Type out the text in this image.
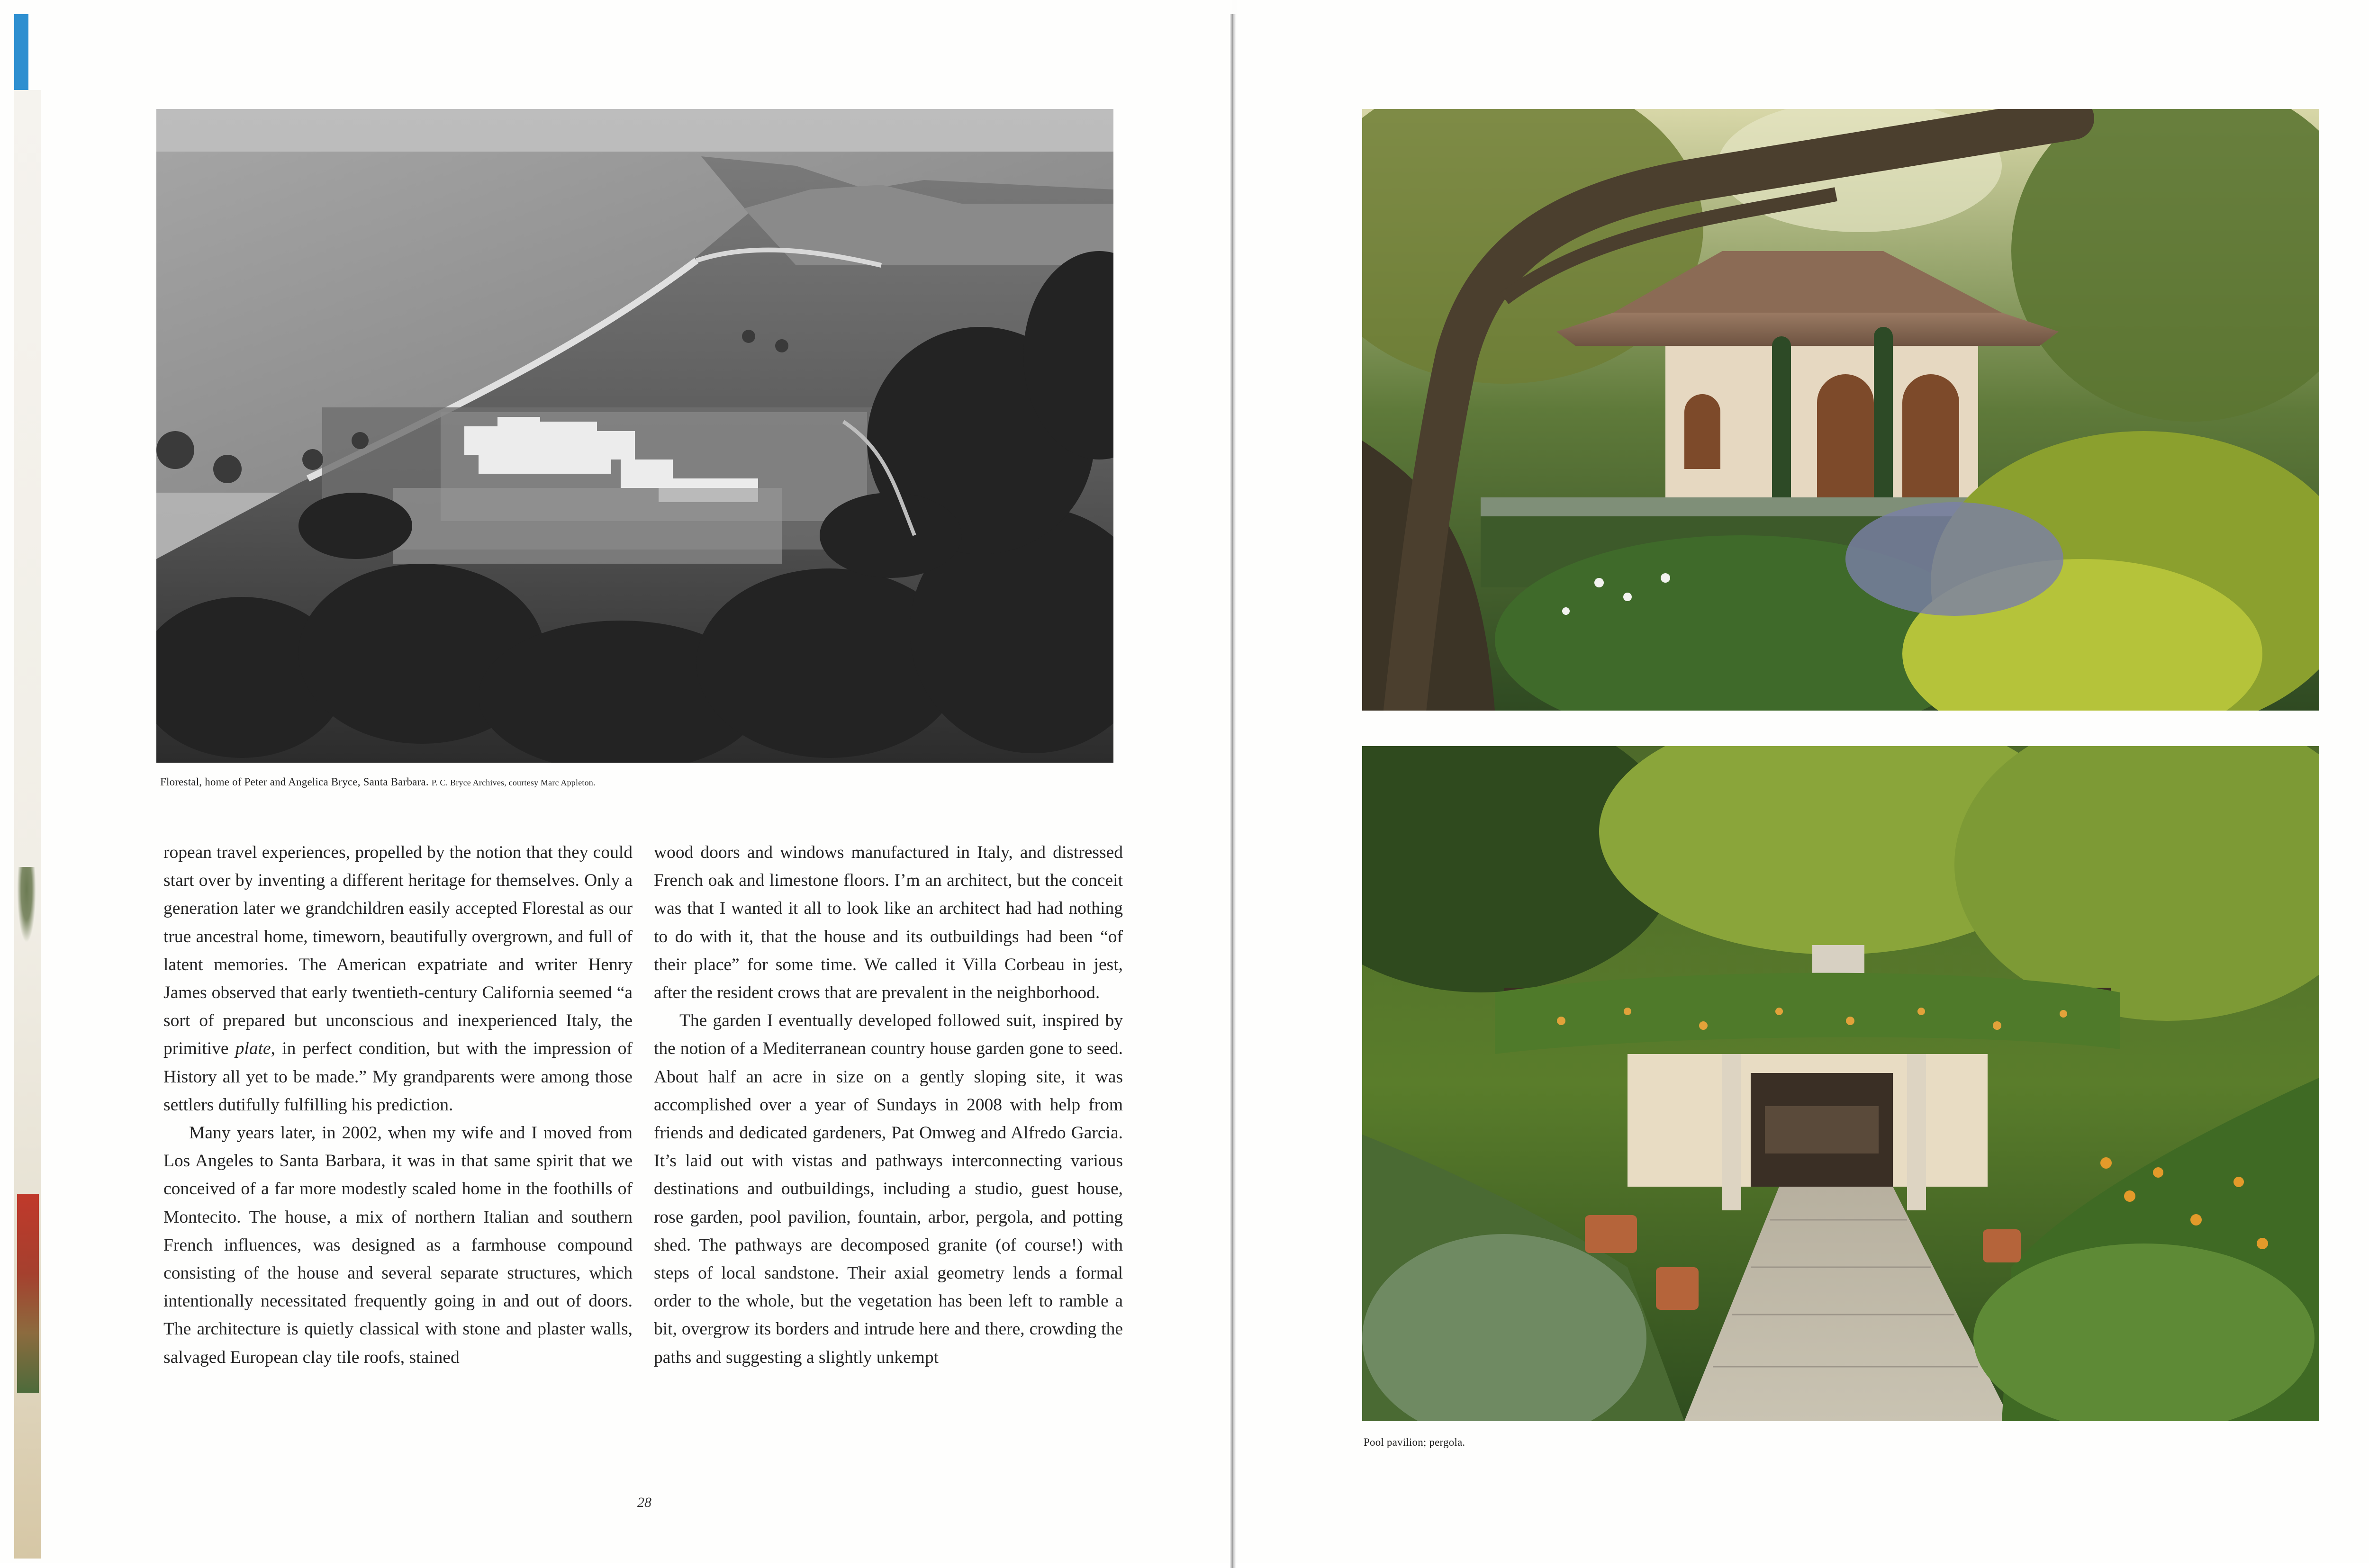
Florestal, home of Peter and Angelica Bryce, Santa Barbara. P. C. Bryce Archives, courtesy Marc Appleton.

ropean travel experiences, propelled by the notion that they could start over by inventing a different heritage for themselves. Only a generation later we grandchildren easily accepted Florestal as our true ancestral home, timeworn, beautifully overgrown, and full of latent memories. The American expatriate and writer Henry James observed that early twentieth-century California seemed “a sort of prepared but unconscious and inexperienced Italy, the primitive plate, in perfect condition, but with the impression of History all yet to be made.” My grandparents were among those settlers dutifully fulfilling his prediction.

Many years later, in 2002, when my wife and I moved from Los Angeles to Santa Barbara, it was in that same spirit that we conceived of a far more modestly scaled home in the foothills of Montecito. The house, a mix of northern Italian and southern French influences, was designed as a farmhouse compound consisting of the house and several separate structures, which intentionally necessitated frequently going in and out of doors. The architecture is quietly classical with stone and plaster walls, salvaged European clay tile roofs, stained

wood doors and windows manufactured in Italy, and distressed French oak and limestone floors. I’m an architect, but the conceit was that I wanted it all to look like an architect had had nothing to do with it, that the house and its outbuildings had been “of their place” for some time. We called it Villa Corbeau in jest, after the resident crows that are prevalent in the neighborhood.

The garden I eventually developed followed suit, inspired by the notion of a Mediterranean country house garden gone to seed. About half an acre in size on a gently sloping site, it was accomplished over a year of Sundays in 2008 with help from friends and dedicated gardeners, Pat Omweg and Alfredo Garcia. It’s laid out with vistas and pathways interconnecting various destinations and outbuildings, including a studio, guest house, rose garden, pool pavilion, fountain, arbor, pergola, and potting shed. The pathways are decomposed granite (of course!) with steps of local sandstone. Their axial geometry lends a formal order to the whole, but the vegetation has been left to ramble a bit, overgrow its borders and intrude here and there, crowding the paths and suggesting a slightly unkempt

28
Pool pavilion; pergola.
